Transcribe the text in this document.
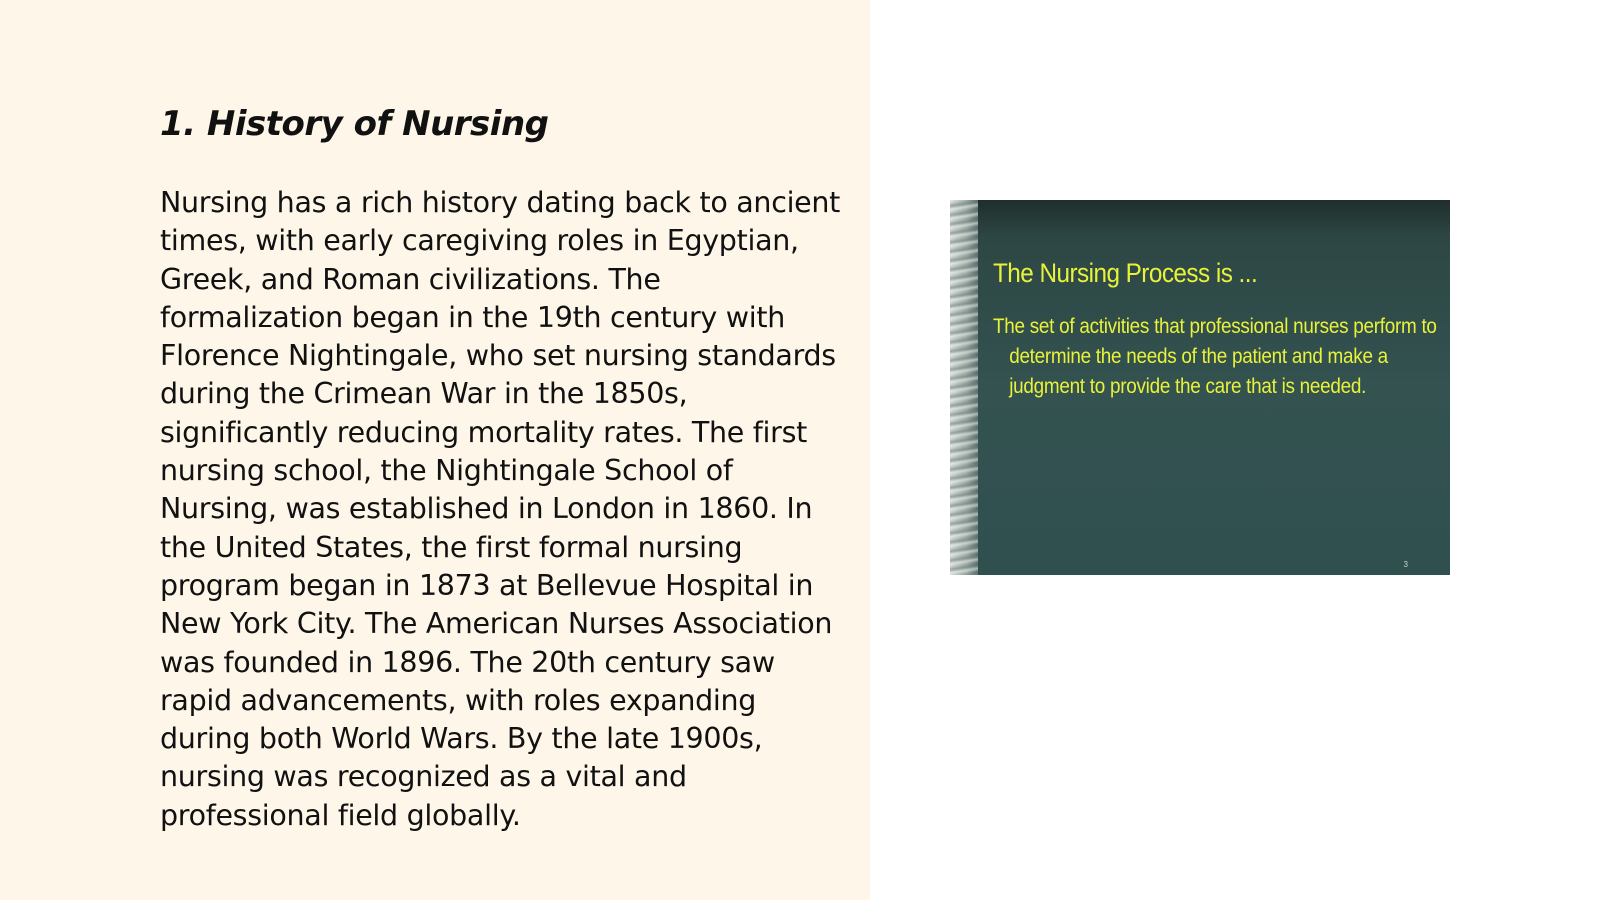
1. History of Nursing

Nursing has a rich history dating back to ancient times, with early caregiving roles in Egyptian, Greek, and Roman civilizations. The formalization began in the 19th century with Florence Nightingale, who set nursing standards during the Crimean War in the 1850s, significantly reducing mortality rates. The first nursing school, the Nightingale School of Nursing, was established in London in 1860. In the United States, the first formal nursing program began in 1873 at Bellevue Hospital in New York City. The American Nurses Association was founded in 1896. The 20th century saw rapid advancements, with roles expanding during both World Wars. By the late 1900s, nursing was recognized as a vital and professional field globally.

The Nursing Process is ...
The set of activities that professional nurses perform to determine the needs of the patient and make a judgment to provide the care that is needed.
3
